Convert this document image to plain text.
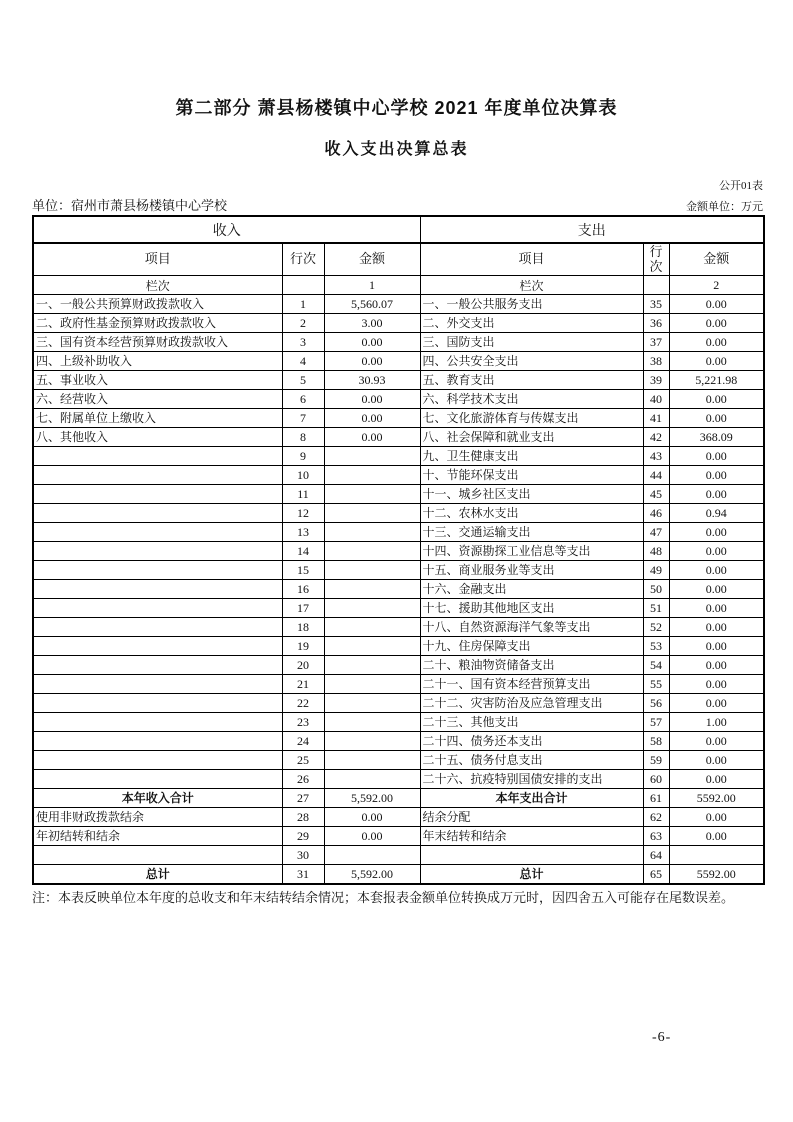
第二部分 萧县杨楼镇中心学校 2021 年度单位决算表
收入支出决算总表
公开01表
单位：宿州市萧县杨楼镇中心学校	金额单位：万元
收入			支出		
项目	行次	金额	项目	行次	金额
栏次		1	栏次		2
一、一般公共预算财政拨款收入	1	5,560.07	一、一般公共服务支出	35	0.00
二、政府性基金预算财政拨款收入	2	3.00	二、外交支出	36	0.00
三、国有资本经营预算财政拨款收入	3	0.00	三、国防支出	37	0.00
四、上级补助收入	4	0.00	四、公共安全支出	38	0.00
五、事业收入	5	30.93	五、教育支出	39	5,221.98
六、经营收入	6	0.00	六、科学技术支出	40	0.00
七、附属单位上缴收入	7	0.00	七、文化旅游体育与传媒支出	41	0.00
八、其他收入	8	0.00	八、社会保障和就业支出	42	368.09
	9		九、卫生健康支出	43	0.00
	10		十、节能环保支出	44	0.00
	11		十一、城乡社区支出	45	0.00
	12		十二、农林水支出	46	0.94
	13		十三、交通运输支出	47	0.00
	14		十四、资源勘探工业信息等支出	48	0.00
	15		十五、商业服务业等支出	49	0.00
	16		十六、金融支出	50	0.00
	17		十七、援助其他地区支出	51	0.00
	18		十八、自然资源海洋气象等支出	52	0.00
	19		十九、住房保障支出	53	0.00
	20		二十、粮油物资储备支出	54	0.00
	21		二十一、国有资本经营预算支出	55	0.00
	22		二十二、灾害防治及应急管理支出	56	0.00
	23		二十三、其他支出	57	1.00
	24		二十四、债务还本支出	58	0.00
	25		二十五、债务付息支出	59	0.00
	26		二十六、抗疫特别国债安排的支出	60	0.00
本年收入合计	27	5,592.00	本年支出合计	61	5592.00
使用非财政拨款结余	28	0.00	结余分配	62	0.00
年初结转和结余	29	0.00	年末结转和结余	63	0.00
	30			64	
总计	31	5,592.00	总计	65	5592.00
注：本表反映单位本年度的总收支和年末结转结余情况；本套报表金额单位转换成万元时，因四舍五入可能存在尾数误差。
-6-
